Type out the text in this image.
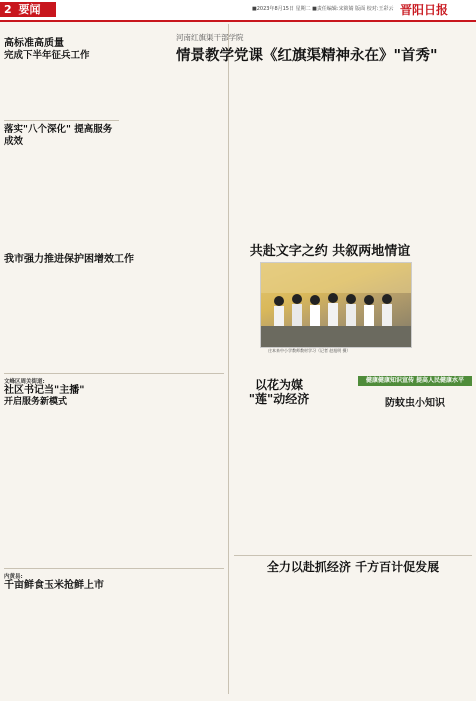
2 要闻	■2023年8月15日 星期二 ■责任编辑:宋筱婧 版面 校对:王彩云 晋阳日报
高标准高质量
完成下半年征兵工作
落实"八个深化" 提高服务成效
我市强力推进保护困增效工作
文峰区周关街道:
社区书记当"主播"
开启服务新模式
内黄县:
千亩鲜食玉米抢鲜上市
河南红旗渠干部学院
情景教学党课《红旗渠精神永在》"首秀"
共赴文字之约 共叙两地情谊
庄本来中小学教师教材学习（记者 赵旭明 摄）
以花为媒
"莲"动经济
健康健康知识宣传 提高人民健康水平
防蚊虫小知识
全力以赴抓经济 千方百计促发展
